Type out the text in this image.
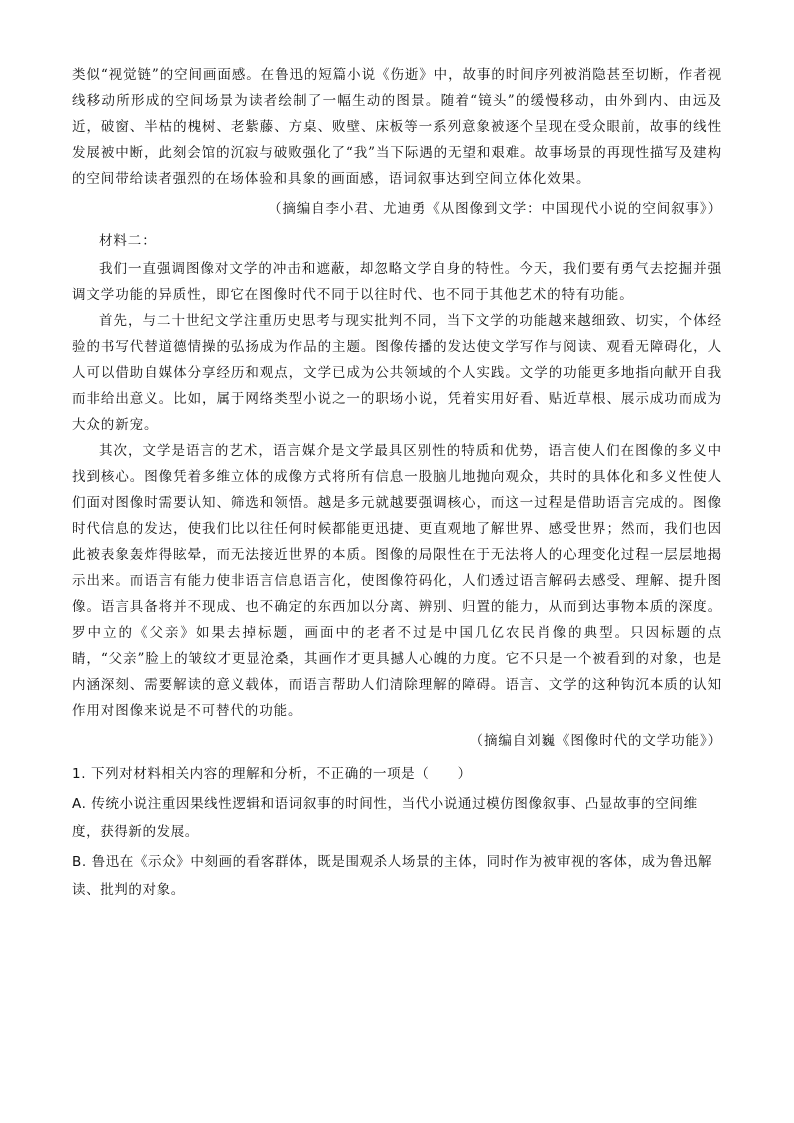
类似“视觉链”的空间画面感。在鲁迅的短篇小说《伤逝》中，故事的时间序列被消隐甚至切断，作者视线移动所形成的空间场景为读者绘制了一幅生动的图景。随着“镜头”的缓慢移动，由外到内、由远及近，破窗、半枯的槐树、老紫藤、方桌、败壁、床板等一系列意象被逐个呈现在受众眼前，故事的线性发展被中断，此刻会馆的沉寂与破败强化了“我”当下际遇的无望和艰难。故事场景的再现性描写及建构的空间带给读者强烈的在场体验和具象的画面感，语词叙事达到空间立体化效果。

（摘编自李小君、尤迪勇《从图像到文学：中国现代小说的空间叙事》）

材料二：

我们一直强调图像对文学的冲击和遮蔽，却忽略文学自身的特性。今天，我们要有勇气去挖掘并强调文学功能的异质性，即它在图像时代不同于以往时代、也不同于其他艺术的特有功能。

首先，与二十世纪文学注重历史思考与现实批判不同，当下文学的功能越来越细致、切实，个体经验的书写代替道德情操的弘扬成为作品的主题。图像传播的发达使文学写作与阅读、观看无障碍化，人人可以借助自媒体分享经历和观点，文学已成为公共领域的个人实践。文学的功能更多地指向献开自我而非给出意义。比如，属于网络类型小说之一的职场小说，凭着实用好看、贴近草根、展示成功而成为大众的新宠。

其次，文学是语言的艺术，语言媒介是文学最具区别性的特质和优势，语言使人们在图像的多义中找到核心。图像凭着多维立体的成像方式将所有信息一股脑儿地抛向观众，共时的具体化和多义性使人们面对图像时需要认知、筛选和领悟。越是多元就越要强调核心，而这一过程是借助语言完成的。图像时代信息的发达，使我们比以往任何时候都能更迅捷、更直观地了解世界、感受世界；然而，我们也因此被表象轰炸得眩晕，而无法接近世界的本质。图像的局限性在于无法将人的心理变化过程一层层地揭示出来。而语言有能力使非语言信息语言化，使图像符码化，人们透过语言解码去感受、理解、提升图像。语言具备将并不现成、也不确定的东西加以分离、辨别、归置的能力，从而到达事物本质的深度。罗中立的《父亲》如果去掉标题，画面中的老者不过是中国几亿农民肖像的典型。只因标题的点睛，“父亲”脸上的皱纹才更显沧桑，其画作才更具撼人心魄的力度。它不只是一个被看到的对象，也是内涵深刻、需要解读的意义载体，而语言帮助人们清除理解的障碍。语言、文学的这种钩沉本质的认知作用对图像来说是不可替代的功能。

（摘编自刘巍《图像时代的文学功能》）

1. 下列对材料相关内容的理解和分析，不正确的一项是（　　）

A. 传统小说注重因果线性逻辑和语词叙事的时间性，当代小说通过模仿图像叙事、凸显故事的空间维度，获得新的发展。

B. 鲁迅在《示众》中刻画的看客群体，既是围观杀人场景的主体，同时作为被审视的客体，成为鲁迅解读、批判的对象。
